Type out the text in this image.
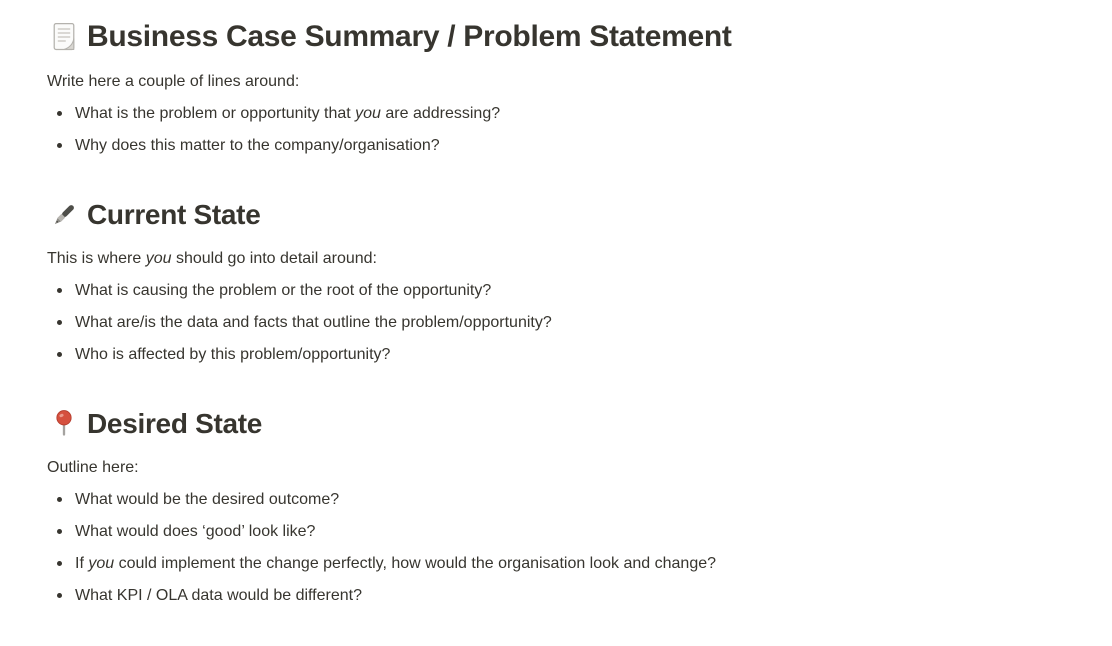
Business Case Summary / Problem Statement

Write here a couple of lines around:

What is the problem or opportunity that you are addressing?
Why does this matter to the company/organisation?
Current State

This is where you should go into detail around:

What is causing the problem or the root of the opportunity?
What are/is the data and facts that outline the problem/opportunity?
Who is affected by this problem/opportunity?
Desired State

Outline here:

What would be the desired outcome?
What would does ‘good’ look like?
If you could implement the change perfectly, how would the organisation look and change?
What KPI / OLA data would be different?
